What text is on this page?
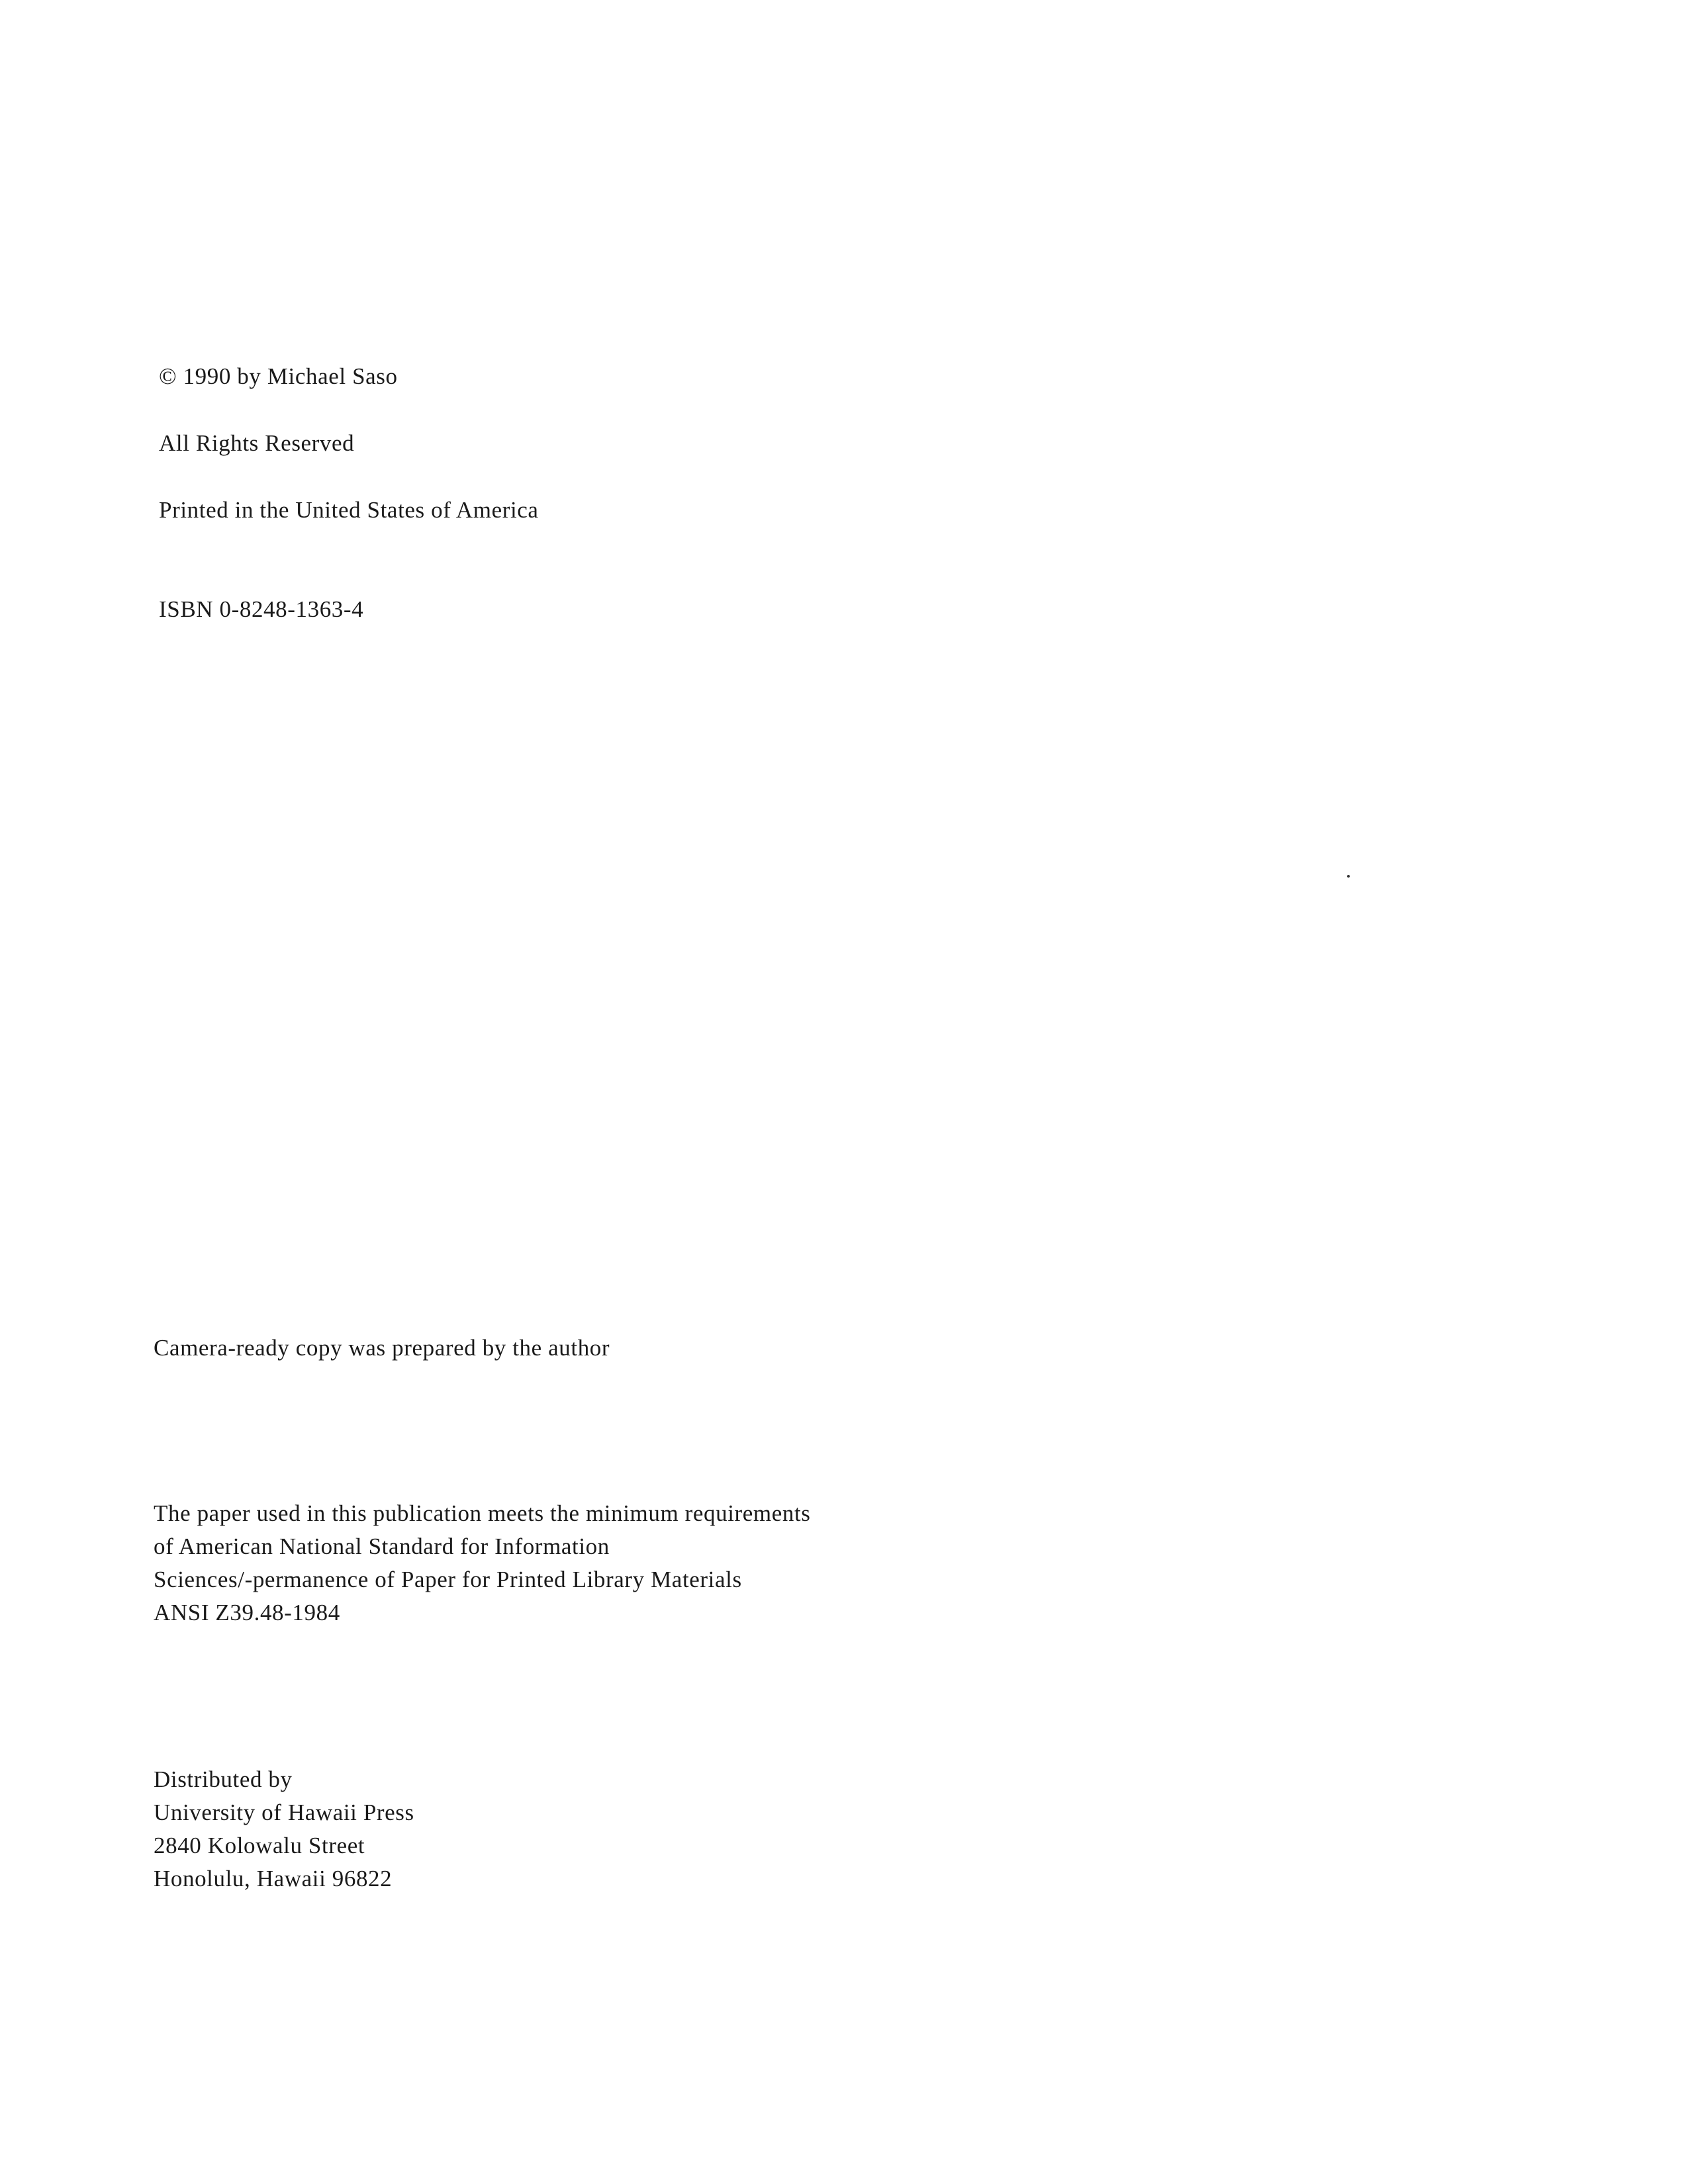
© 1990 by Michael Saso
All Rights Reserved
Printed in the United States of America
ISBN 0-8248-1363-4
Camera-ready copy was prepared by the author
The paper used in this publication meets the minimum requirements
of American National Standard for Information
Sciences/-permanence of Paper for Printed Library Materials
ANSI Z39.48-1984
Distributed by
University of Hawaii Press
2840 Kolowalu Street
Honolulu, Hawaii 96822
